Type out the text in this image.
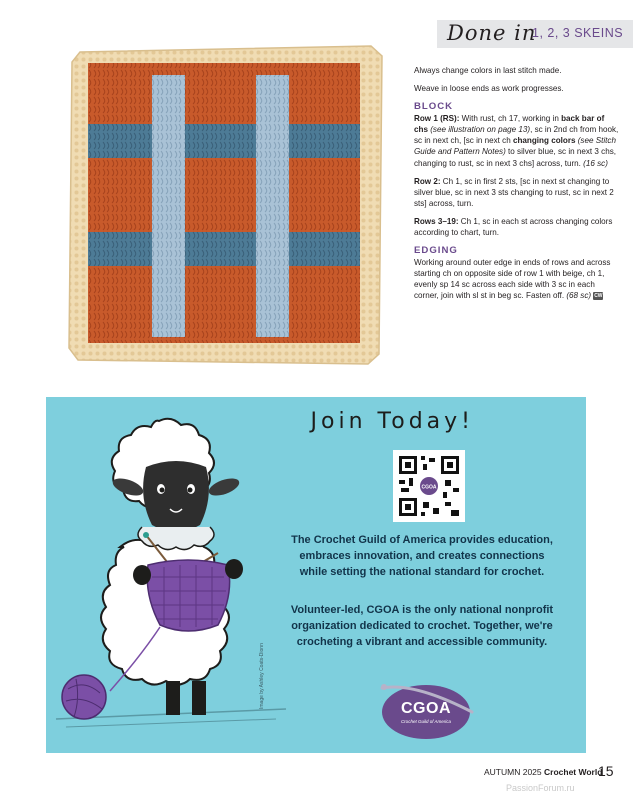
Done in
1, 2, 3 SKEINS

Always change colors in last stitch made.

Weave in loose ends as work progresses.

BLOCK

Row 1 (RS): With rust, ch 17, working in back bar of chs (see illustration on page 13), sc in 2nd ch from hook, sc in next ch, [sc in next ch changing colors (see Stitch Guide and Pattern Notes) to silver blue, sc in next 3 chs, changing to rust, sc in next 3 chs] across, turn. (16 sc)

Row 2: Ch 1, sc in first 2 sts, [sc in next st changing to silver blue, sc in next 3 sts changing to rust, sc in next 2 sts] across, turn.

Rows 3–19: Ch 1, sc in each st across changing colors according to chart, turn.

EDGING

Working around outer edge in ends of rows and across starting ch on opposite side of row 1 with beige, ch 1, evenly sp 14 sc across each side with 3 sc in each corner, join with sl st in beg sc. Fasten off. (68 sc) CW

Join Today!
CGOA

The Crochet Guild of America provides education, embraces innovation, and creates connections while setting the national standard for crochet.

Volunteer-led, CGOA is the only national nonprofit organization dedicated to crochet. Together, we're crocheting a vibrant and accessible community.

Image by Ashley Coats-Dionn	CGOA
Crochet Guild of America
AUTUMN 2025 Crochet World
15
PassionForum.ru
